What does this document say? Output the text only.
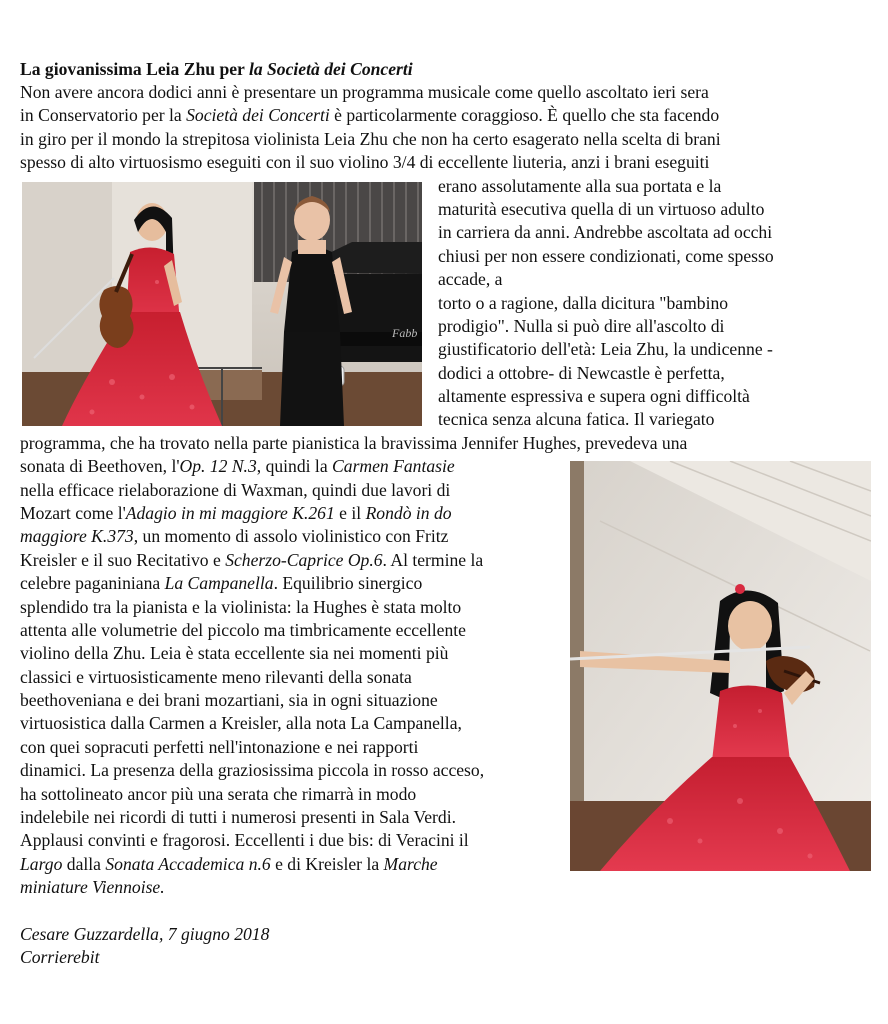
La giovanissima Leia Zhu per la Società dei Concerti
Non avere ancora dodici anni è presentare un programma musicale come quello ascoltato ieri sera
in Conservatorio per la Società dei Concerti è particolarmente coraggioso. È quello che sta facendo
in giro per il mondo la strepitosa violinista Leia Zhu che non ha certo esagerato nella scelta di brani
spesso di alto virtuosismo eseguiti con il suo violino 3/4 di eccellente liuteria, anzi i brani eseguiti
erano assolutamente alla sua portata e la
maturità esecutiva quella di un virtuoso adulto
in carriera da anni. Andrebbe ascoltata ad occhi
chiusi per non essere condizionati, come spesso
accade, a
torto o a ragione, dalla dicitura "bambino
prodigio". Nulla si può dire all'ascolto di
giustificatorio dell'età: Leia Zhu, la undicenne -
dodici a ottobre- di Newcastle è perfetta,
altamente espressiva e supera ogni difficoltà
tecnica senza alcuna fatica. Il variegato
programma, che ha trovato nella parte pianistica la bravissima Jennifer Hughes, prevedeva una
sonata di Beethoven, l'Op. 12 N.3, quindi la Carmen Fantasie
nella efficace rielaborazione di Waxman, quindi due lavori di
Mozart come l'Adagio in mi maggiore K.261 e il Rondò in do
maggiore K.373, un momento di assolo violinistico con Fritz
Kreisler e il suo Recitativo e Scherzo-Caprice Op.6. Al termine la
celebre paganiniana La Campanella. Equilibrio sinergico
splendido tra la pianista e la violinista: la Hughes è stata molto
attenta alle volumetrie del piccolo ma timbricamente eccellente
violino della Zhu. Leia è stata eccellente sia nei momenti più
classici e virtuosisticamente meno rilevanti della sonata
beethoveniana e dei brani mozartiani, sia in ogni situazione
virtuosistica dalla Carmen a Kreisler, alla nota La Campanella,
con quei sopracuti perfetti nell'intonazione e nei rapporti
dinamici. La presenza della graziosissima piccola in rosso acceso,
ha sottolineato ancor più una serata che rimarrà in modo
indelebile nei ricordi di tutti i numerosi presenti in Sala Verdi.
Applausi convinti e fragorosi. Eccellenti i due bis: di Veracini il
Largo dalla Sonata Accademica n.6 e di Kreisler la Marche
miniature Viennoise.
Cesare Guzzardella, 7 giugno 2018
Corrierebit
Fabb
